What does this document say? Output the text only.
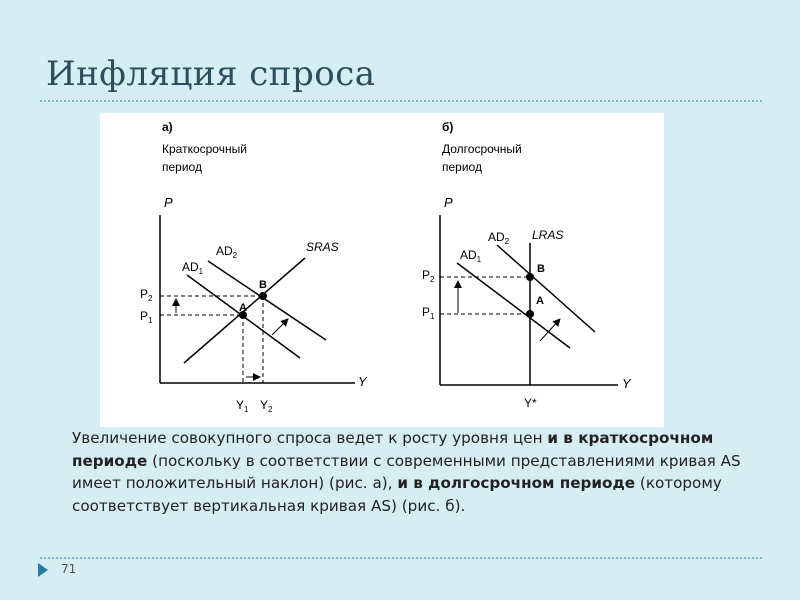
Инфляция спроса
а)
Краткосрочный
период
P
Y
$AD_1$
$AD_2$
SRAS
$P_2$
$P_1$
A
B
$Y_1$ $Y_2$
б)
Долгосрочный
период
P
Y
$AD_1$
$AD_2$ LRAS
$P_2$
$P_1$
B
A
Y*
Увеличение совокупного спроса ведет к росту уровня цен и в краткосрочном периоде (поскольку в соответствии с современными представлениями кривая AS имеет положительный наклон) (рис. а), и в долгосрочном периоде (которому соответствует вертикальная кривая AS) (рис. б).
71
